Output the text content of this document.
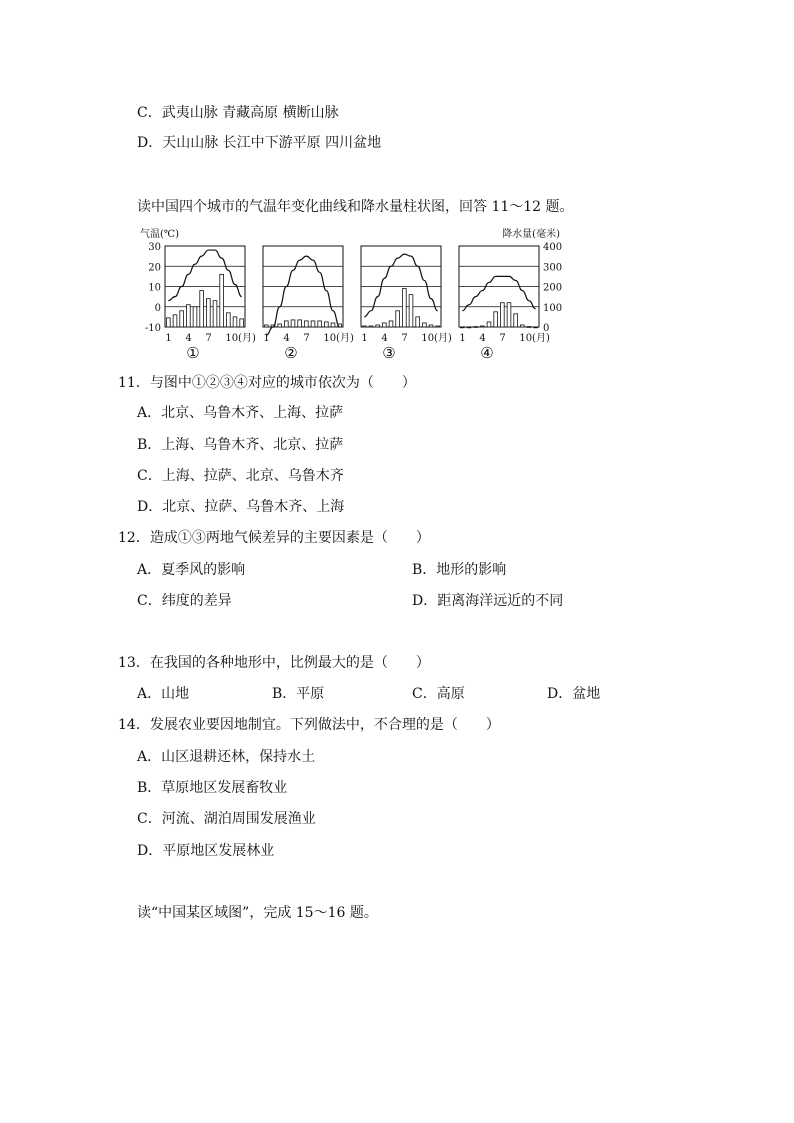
C．武夷山脉 青藏高原 横断山脉
D．天山山脉 长江中下游平原 四川盆地
读中国四个城市的气温年变化曲线和降水量柱状图，回答 11～12 题。
气温(℃)	降水量(毫米)
30
20
10
0
-10
400
300
200
100
0
1 4 7 10(月)
①
1 4 7 10(月)
②
1 4 7 10(月)
③
1 4 7 10(月)
④
11．与图中①②③④对应的城市依次为（　　）
A．北京、乌鲁木齐、上海、拉萨
B．上海、乌鲁木齐、北京、拉萨
C．上海、拉萨、北京、乌鲁木齐
D．北京、拉萨、乌鲁木齐、上海
12．造成①③两地气候差异的主要因素是（　　）
A．夏季风的影响	B．地形的影响
C．纬度的差异	D．距离海洋远近的不同
13．在我国的各种地形中，比例最大的是（　　）
A．山地	B．平原	C．高原	D．盆地
14．发展农业要因地制宜。下列做法中，不合理的是（　　）
A．山区退耕还林，保持水土
B．草原地区发展畜牧业
C．河流、湖泊周围发展渔业
D．平原地区发展林业
读“中国某区域图”，完成 15～16 题。
